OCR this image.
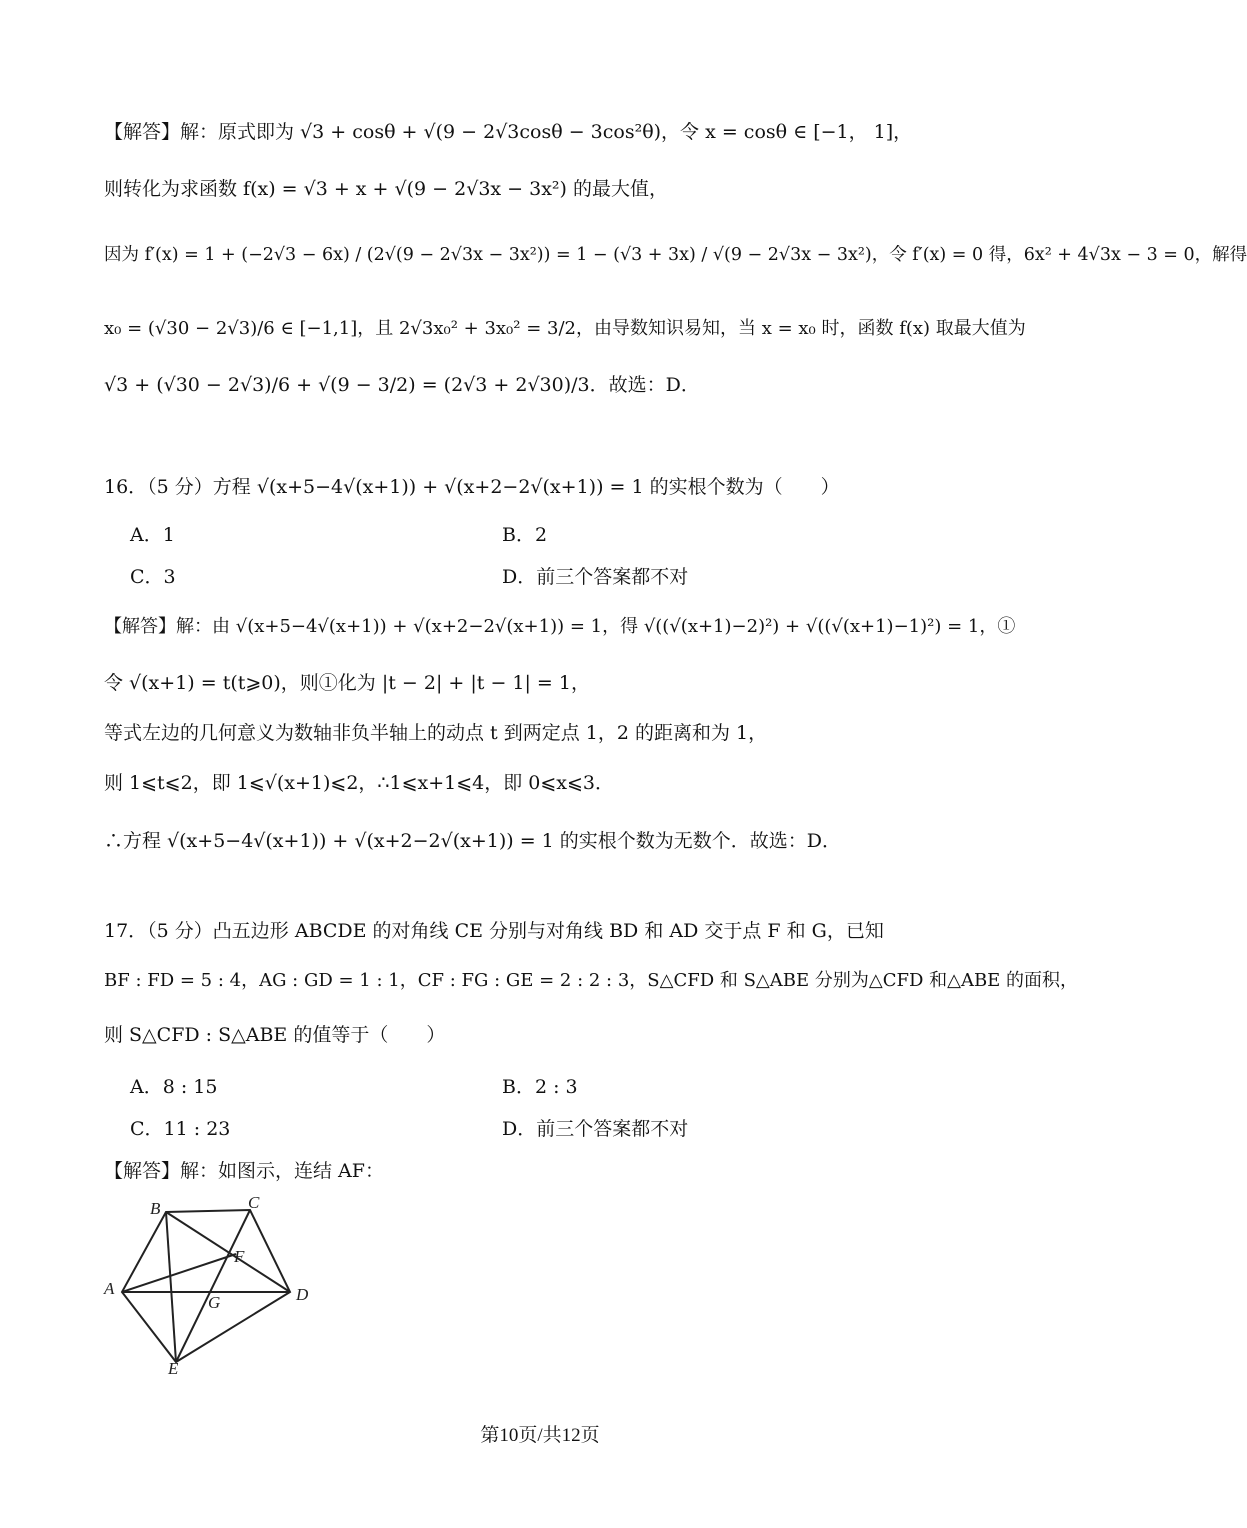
【解答】解：原式即为 √3 + cosθ + √(9 − 2√3cosθ − 3cos²θ)，令 x = cosθ ∈ [−1， 1]，
则转化为求函数 f(x) = √3 + x + √(9 − 2√3x − 3x²) 的最大值，
因为 f′(x) = 1 + (−2√3 − 6x) / (2√(9 − 2√3x − 3x²)) = 1 − (√3 + 3x) / √(9 − 2√3x − 3x²)，令 f′(x) = 0 得，6x² + 4√3x − 3 = 0，解得
x₀ = (√30 − 2√3)/6 ∈ [−1,1]，且 2√3x₀² + 3x₀² = 3/2，由导数知识易知，当 x = x₀ 时，函数 f(x) 取最大值为
√3 + (√30 − 2√3)/6 + √(9 − 3/2) = (2√3 + 2√30)/3．故选：D．
16．（5 分）方程 √(x+5−4√(x+1)) + √(x+2−2√(x+1)) = 1 的实根个数为（　　）
A．1	B．2
C．3	D．前三个答案都不对
【解答】解：由 √(x+5−4√(x+1)) + √(x+2−2√(x+1)) = 1，得 √((√(x+1)−2)²) + √((√(x+1)−1)²) = 1，①
令 √(x+1) = t(t⩾0)，则①化为 |t − 2| + |t − 1| = 1，
等式左边的几何意义为数轴非负半轴上的动点 t 到两定点 1，2 的距离和为 1，
则 1⩽t⩽2，即 1⩽√(x+1)⩽2，∴1⩽x+1⩽4，即 0⩽x⩽3．
∴方程 √(x+5−4√(x+1)) + √(x+2−2√(x+1)) = 1 的实根个数为无数个．故选：D．
17．（5 分）凸五边形 ABCDE 的对角线 CE 分别与对角线 BD 和 AD 交于点 F 和 G，已知
BF : FD = 5 : 4，AG : GD = 1 : 1，CF : FG : GE = 2 : 2 : 3，S△CFD 和 S△ABE 分别为△CFD 和△ABE 的面积，
则 S△CFD : S△ABE 的值等于（　　）
A．8 : 15	B．2 : 3
C．11 : 23	D．前三个答案都不对
【解答】解：如图示，连结 AF：
B	C
A	D
E
F
G
第10页/共12页
